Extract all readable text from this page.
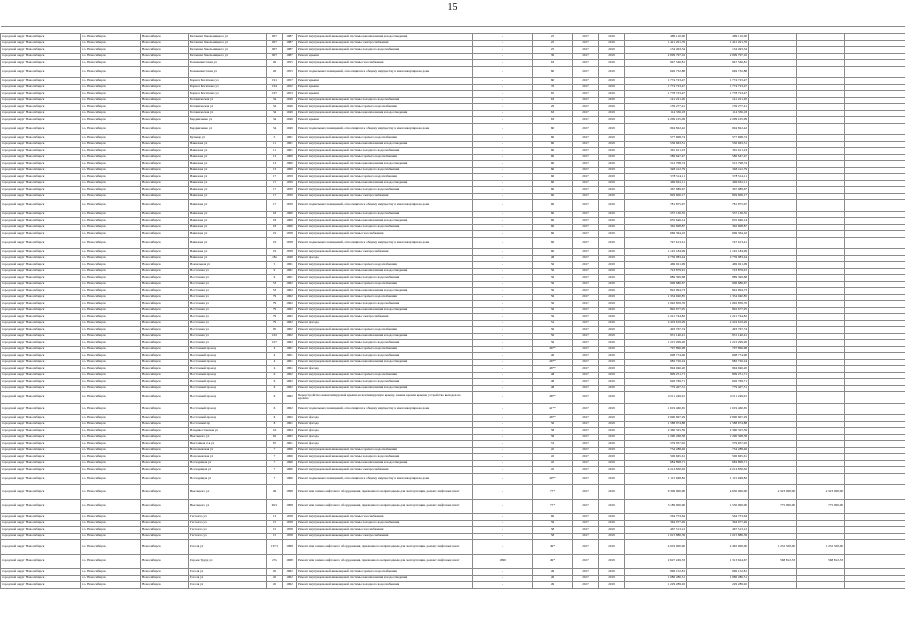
15

городской округ Новосибирск	г.о. Новосибирск	Новосибирск	Бетонная Хмельницкого ул	007	1987	Ремонт внутридомовой инженерной системы канализования и водоотведения	-	25	2017	2019	489 110,00	489 110,00			
городской округ Новосибирск	г.о. Новосибирск	Новосибирск	Бетонная Хмельницкого ул	007	1987	Ремонт внутридомовой инженерной системы электроснабжения	-	25	2017	2019	1 421 201,76	1 421 201,76			
городской округ Новосибирск	г.о. Новосибирск	Новосибирск	Бетонная Хмельницкого ул	007	1987	Ремонт внутридомовой инженерной системы холодного водоснабжения	-	25	2017	2019	134 493,34	134 493,34			
городской округ Новосибирск	г.о. Новосибирск	Новосибирск	Бетонная Хмельницкого ул	007	1987	Ремонт крыши	-	39	2017	2019	2 099 797,16	2 099 797,16			
городской округ Новосибирск	г.о. Новосибирск	Новосибирск	Большевистская ул	26	1955	Ремонт внутридомовой инженерной системы газоснабжения	-	63	2017	2019	947 546,81	947 546,81			
городской округ Новосибирск	г.о. Новосибирск	Новосибирск	Большевистская ул	26	1955	Ремонт подвальных помещений, относящихся к общему имуществу в многоквартирном доме	-	60	2017	2019	649 732,88	649 732,88			
городской округ Новосибирск	г.о. Новосибирск	Новосибирск	Бориса Богаткова ул	191	1957	Ремонт крыши	-	60	2017	2019	1 774 723,47	1 774 723,47			
городской округ Новосибирск	г.о. Новосибирск	Новосибирск	Бориса Богаткова ул	194	1952	Ремонт крыши	-	76	2017	2019	1 774 723,47	1 774 723,47			
городской округ Новосибирск	г.о. Новосибирск	Новосибирск	Бориса Богаткова ул	197	1953	Ремонт крыши	-	65	2017	2019	1 778 723,47	1 778 723,47			
городской округ Новосибирск	г.о. Новосибирск	Новосибирск	Ботаническая ул	34	1949	Ремонт внутридомовой инженерной системы холодного водоснабжения	-	63	2017	2019	141 221,20	141 221,20			
городской округ Новосибирск	г.о. Новосибирск	Новосибирск	Ботаническая ул	34	1949	Ремонт внутридомовой инженерной системы горячего водоснабжения	-	29	2017	2019	159 277,41	159 277,41			
городской округ Новосибирск	г.о. Новосибирск	Новосибирск	Ботаническая ул	34	1949	Ремонт внутридомовой инженерной системы канализования и водоотведения	-	63	2017	2019	114 336,18	114 336,18			
городской округ Новосибирск	г.о. Новосибирск	Новосибирск	Бердниченко ул	34	1949	Ремонт крыши	-	63	2017	2019	2 209 105,09	2 209 105,09			
городской округ Новосибирск	г.о. Новосибирск	Новосибирск	Бердниченко ул	34	1949	Ремонт подвальных помещений, относящихся к общему имуществу в многоквартирном доме	-	60	2017	2019	694 822,42	694 822,42			
городской округ Новосибирск	г.о. Новосибирск	Новосибирск	Бульвар ул	5	1961	Ремонт внутридомовой инженерной системы горячего водоснабжения	-	60	2017	2019	577 698,74	577 698,74			
городской округ Новосибирск	г.о. Новосибирск	Новосибирск	Вавилова ул	11	1961	Ремонт внутридомовой инженерной системы канализования и водоотведения	-	60	2017	2019	536 663,31	536 663,31			
городской округ Новосибирск	г.о. Новосибирск	Новосибирск	Вавилова ул	11	1961	Ремонт внутридомовой инженерной системы холодного водоснабжения	-	60	2017	2019	361 611,23	361 611,23			
городской округ Новосибирск	г.о. Новосибирск	Новосибирск	Вавилова ул	13	1960	Ремонт внутридомовой инженерной системы горячего водоснабжения	-	60	2017	2019	586 647,47	586 647,47			
городской округ Новосибирск	г.о. Новосибирск	Новосибирск	Вавилова ул	13	1960	Ремонт внутридомовой инженерной системы канализования и водоотведения	-	60	2017	2019	512 798,74	512 798,74			
городской округ Новосибирск	г.о. Новосибирск	Новосибирск	Вавилова ул	13	1960	Ремонт внутридомовой инженерной системы холодного водоснабжения	-	60	2017	2019	348 412,79	348 412,79			
городской округ Новосибирск	г.о. Новосибирск	Новосибирск	Вавилова ул	17	1959	Ремонт внутридомовой инженерной системы горячего водоснабжения	-	60	2017	2019	578 514,11	578 514,11			
городской округ Новосибирск	г.о. Новосибирск	Новосибирск	Вавилова ул	17	1959	Ремонт внутридомовой инженерной системы канализования и водоотведения	-	60	2017	2019	469 661,11	469 661,11			
городской округ Новосибирск	г.о. Новосибирск	Новосибирск	Вавилова ул	17	1959	Ремонт внутридомовой инженерной системы холодного водоснабжения	-	60	2017	2019	367 089,67	367 089,67			
городской округ Новосибирск	г.о. Новосибирск	Новосибирск	Вавилова ул	17	1959	Ремонт внутридомовой инженерной системы электроснабжения	-	60	2017	2019	829 606,17	829 606,17			
городской округ Новосибирск	г.о. Новосибирск	Новосибирск	Вавилова ул	17	1959	Ремонт подвальных помещений, относящихся к общему имуществу в многоквартирном доме	-	60	2017	2019	781 875,97	781 875,97			
городской округ Новосибирск	г.о. Новосибирск	Новосибирск	Вавилова ул	18	1960	Ремонт внутридомовой инженерной системы холодного водоснабжения	-	60	2017	2019	537 136,35	537 136,35			
городской округ Новосибирск	г.о. Новосибирск	Новосибирск	Вавилова ул	18	1960	Ремонт внутридомовой инженерной системы канализования и водоотведения	-	60	2017	2019	655 646,14	655 646,14			
городской округ Новосибирск	г.о. Новосибирск	Новосибирск	Вавилова ул	18	1960	Ремонт внутридомовой инженерной системы холодного водоснабжения	-	60	2017	2019	362 698,87	362 698,87			
городской округ Новосибирск	г.о. Новосибирск	Новосибирск	Вавилова ул	19	1958	Ремонт внутридомовой инженерной системы газоснабжения	-	60	2017	2019	669 364,16	669 364,16			
городской округ Новосибирск	г.о. Новосибирск	Новосибирск	Вавилова ул	19	1958	Ремонт подвальных помещений, относящихся к общему имуществу в многоквартирном доме	-	60	2017	2019	747 613,41	747 613,41			
городской округ Новосибирск	г.о. Новосибирск	Новосибирск	Вавилова ул	19	1958	Ремонт внутридомовой инженерной системы электроснабжения	-	60	2017	2019	1 145 184,99	1 145 184,99			
городской округ Новосибирск	г.о. Новосибирск	Новосибирск	Вавилова ул	18а	1949	Ремонт фасада	-	48	2017	2019	2 759 983,44	2 759 983,44			
городской округ Новосибирск	г.о. Новосибирск	Новосибирск	Вокзальная ул	5	1961	Ремонт внутридомовой инженерной системы горячего водоснабжения	-	56	2017	2019	469 021,09	469 021,09			
городской округ Новосибирск	г.о. Новосибирск	Новосибирск	Восточная ул	9	1961	Ремонт внутридомовой инженерной системы канализования и водоотведения	-	56	2017	2019	723 879,91	723 879,91			
городской округ Новосибирск	г.о. Новосибирск	Новосибирск	Восточная ул	9	1961	Ремонт внутридомовой инженерной системы холодного водоснабжения	-	56	2017	2019	889 399,68	889 399,68			
городской округ Новосибирск	г.о. Новосибирск	Новосибирск	Восточная ул	53	1962	Ремонт внутридомовой инженерной системы горячего водоснабжения	-	56	2017	2019	906 686,67	906 686,67			
городской округ Новосибирск	г.о. Новосибирск	Новосибирск	Восточная ул	53	1962	Ремонт внутридомовой инженерной системы канализования и водоотведения	-	56	2017	2019	822 994,73	822 994,73			
городской округ Новосибирск	г.о. Новосибирск	Новосибирск	Восточная ул	79	1962	Ремонт внутридомовой инженерной системы горячего водоснабжения	-	56	2017	2019	1 334 940,85	1 334 940,85			
городской округ Новосибирск	г.о. Новосибирск	Новосибирск	Восточная ул	79	1962	Ремонт внутридомовой инженерной системы холодного водоснабжения	-	56	2017	2019	1 092 859,76	1 092 859,76			
городской округ Новосибирск	г.о. Новосибирск	Новосибирск	Восточная ул	79	1962	Ремонт внутридомовой инженерной системы канализования и водоотведения	-	56	2017	2019	892 677,05	892 677,05			
городской округ Новосибирск	г.о. Новосибирск	Новосибирск	Восточная ул	79	1962	Ремонт внутридомовой инженерной системы электроснабжения	-	56	2017	2019	1 221 744,82	1 221 744,82			
городской округ Новосибирск	г.о. Новосибирск	Новосибирск	Восточная ул	79	1962	Ремонт фасада	-	52	2017	2019	2 419 619,29	2 419 619,29			
городской округ Новосибирск	г.о. Новосибирск	Новосибирск	Восточная ул	95	1962	Ремонт внутридомовой инженерной системы горячего водоснабжения	-	56	2017	2019	493 767,74	493 767,74			
городской округ Новосибирск	г.о. Новосибирск	Новосибирск	Восточная ул	102	1962	Ремонт внутридомовой инженерной системы канализования и водоотведения	-	56	2017	2019	931 140,41	931 140,41			
городской округ Новосибирск	г.о. Новосибирск	Новосибирск	Восточная ул	107	1962	Ремонт внутридомовой инженерной системы холодного водоснабжения	-	56	2017	2019	1 215 299,26	1 215 299,26			
городской округ Новосибирск	г.о. Новосибирск	Новосибирск	Восточный проезд	4	1961	Ремонт внутридомовой инженерной системы горячего водоснабжения	-	46**	2017	2019	797 896,98	797 896,98			
городской округ Новосибирск	г.о. Новосибирск	Новосибирск	Восточный проезд	4	1961	Ремонт внутридомовой инженерной системы холодного водоснабжения	-	46	2017	2019	608 774,96	608 774,96			
городской округ Новосибирск	г.о. Новосибирск	Новосибирск	Восточный проезд	4	1961	Ремонт внутридомовой инженерной системы канализования и водоотведения	-	46**	2017	2019	982 726,24	982 726,24			
городской округ Новосибирск	г.о. Новосибирск	Новосибирск	Восточный проезд	4	1961	Ремонт фасада	-	46**	2017	2019	994 946,20	994 946,20			
городской округ Новосибирск	г.о. Новосибирск	Новосибирск	Восточный проезд	6	1962	Ремонт внутридомовой инженерной системы горячего водоснабжения	-	48	2017	2019	809 251,71	809 251,71			
городской округ Новосибирск	г.о. Новосибирск	Новосибирск	Восточный проезд	6	1962	Ремонт внутридомовой инженерной системы холодного водоснабжения	-	48	2017	2019	626 769,71	626 769,71			
городской округ Новосибирск	г.о. Новосибирск	Новосибирск	Восточный проезд	6	1962	Ремонт внутридомовой инженерной системы канализования и водоотведения	-	48	2017	2019	779 407,31	779 407,31			
городской округ Новосибирск	г.о. Новосибирск	Новосибирск	Восточный проезд	6	1962	Переустройство невентилируемой крыши на вентилируемую крышу, замена кровли крыши, устройство выходов на кровлю	-	48**	2017	2019	4 511 249,91	4 511 249,91			
городской округ Новосибирск	г.о. Новосибирск	Новосибирск	Восточный проезд	6	1962	Ремонт подвальных помещений, относящихся к общему имуществу в многоквартирном доме	-	41**	2017	2019	1 619 460,65	1 619 460,65			
городской округ Новосибирск	г.о. Новосибирск	Новосибирск	Восточный проезд	6	1962	Ремонт фасада	-	46**	2017	2019	2 690 607,29	2 690 607,29			
городской округ Новосибирск	г.о. Новосибирск	Новосибирск	Восточный пр	8	1961	Ремонт фасада	-	56	2017	2019	1 588 974,88	1 588 974,88			
городской округ Новосибирск	г.о. Новосибирск	Новосибирск	Владивостокская ул	16	1964	Ремонт фасада	-	58	2017	2019	2 360 325,59	2 360 325,59			
городской округ Новосибирск	г.о. Новосибирск	Новосибирск	Высоцкого ул	62	1965	Ремонт фасада	-	58	2017	2019	1 290 268,58	1 290 308,58			
городской округ Новосибирск	г.о. Новосибирск	Новосибирск	Выставная 2-я ул	67	1961	Ремонт фасада	-	53	2017	2019	579 957,02	579 957,02			
городской округ Новосибирск	г.о. Новосибирск	Новосибирск	Волочаевская ул	7	1966	Ремонт внутридомовой инженерной системы горячего водоснабжения	-	45	2017	2019	734 288,46	734 288,46			
городской округ Новосибирск	г.о. Новосибирск	Новосибирск	Волочаевская ул	7	1966	Ремонт внутридомовой инженерной системы холодного водоснабжения	-	45	2017	2019	506 665,61	506 665,61			
городской округ Новосибирск	г.о. Новосибирск	Новосибирск	Восходящая ул	7	1966	Ремонт внутридомовой инженерной системы канализования и водоотведения	-	45	2017	2019	684 898,71	684 898,71			
городской округ Новосибирск	г.о. Новосибирск	Новосибирск	Восходящая ул	7	1966	Ремонт внутридомовой инженерной системы электроснабжения	-	45	2017	2019	4 214 830,02	4 214 830,02			
городской округ Новосибирск	г.о. Новосибирск	Новосибирск	Восходящая ул	7	1966	Ремонт подвальных помещений, относящихся к общему имуществу в многоквартирном доме	-	40**	2017	2019	1 115 948,82	1 115 948,82			
городской округ Новосибирск	г.о. Новосибирск	Новосибирск	Высоцкого ул	49	1998	Ремонт или замена лифтового оборудования, признанного непригодным для эксплуатации, ремонт лифтовых шахт	-	77*	2017	2019	9 309 000,00	4 650 000,00	2 323 000,00	2 323 000,00	
городской округ Новосибирск	г.о. Новосибирск	Новосибирск	Высоцкого ул	49/1	1998	Ремонт или замена лифтового оборудования, признанного непригодным для эксплуатации, ремонт лифтовых шахт	-	77*	2017	2019	3 189 000,00	1 550 000,00	775 000,00	775 000,00	
городской округ Новосибирск	г.о. Новосибирск	Новосибирск	Гастелло ул	13	1958	Ремонт внутридомовой инженерной системы газоснабжения	-	60	2017	2019	564 753,64	564 753,64			
городской округ Новосибирск	г.о. Новосибирск	Новосибирск	Гастелло ул	15	1958	Ремонт внутридомовой инженерной системы холодного водоснабжения	-	59	2017	2019	364 077,49	364 077,49			
городской округ Новосибирск	г.о. Новосибирск	Новосибирск	Гастелло ул	15	1958	Ремонт внутридомовой инженерной системы газоснабжения	-	58	2017	2019	467 513,12	467 513,12			
городской округ Новосибирск	г.о. Новосибирск	Новосибирск	Гастелло ул	15	1958	Ремонт внутридомовой инженерной системы электроснабжения	-	58	2017	2019	1 015 886,39	1 015 886,39			
городской округ Новосибирск	г.о. Новосибирск	Новосибирск	Гоголя ул	137/1	1998	Ремонт или замена лифтового оборудования, признанного непригодным для эксплуатации, ремонт лифтовых шахт	-	49*	2017	2019	4 919 000,00	2 465 000,00	1 232 500,00	1 232 500,00	
городской округ Новосибирск	г.о. Новосибирск	Новосибирск	Героев Труда ул	27а	1968	Ремонт или замена лифтового оборудования, признанного непригодным для эксплуатации, ремонт лифтовых шахт	1996	49*	2017	2019	2 627 249,33	1 313 624,67	568 812,33	568 812,33	
городской округ Новосибирск	г.о. Новосибирск	Новосибирск	Гоголя ул	45	1962	Ремонт внутридомовой инженерной системы горячего водоснабжения	-	49	2017	2019	996 152,81	996 152,81			
городской округ Новосибирск	г.о. Новосибирск	Новосибирск	Гоголя ул	45	1962	Ремонт внутридомовой инженерной системы канализования и водоотведения	-	49	2017	2019	1 086 286,51	1 086 286,51			
городской округ Новосибирск	г.о. Новосибирск	Новосибирск	Гоголя ул	45	1962	Ремонт внутридомовой инженерной системы холодного водоснабжения	-	49	2017	2019	1 229 289,92	229 289,92			
